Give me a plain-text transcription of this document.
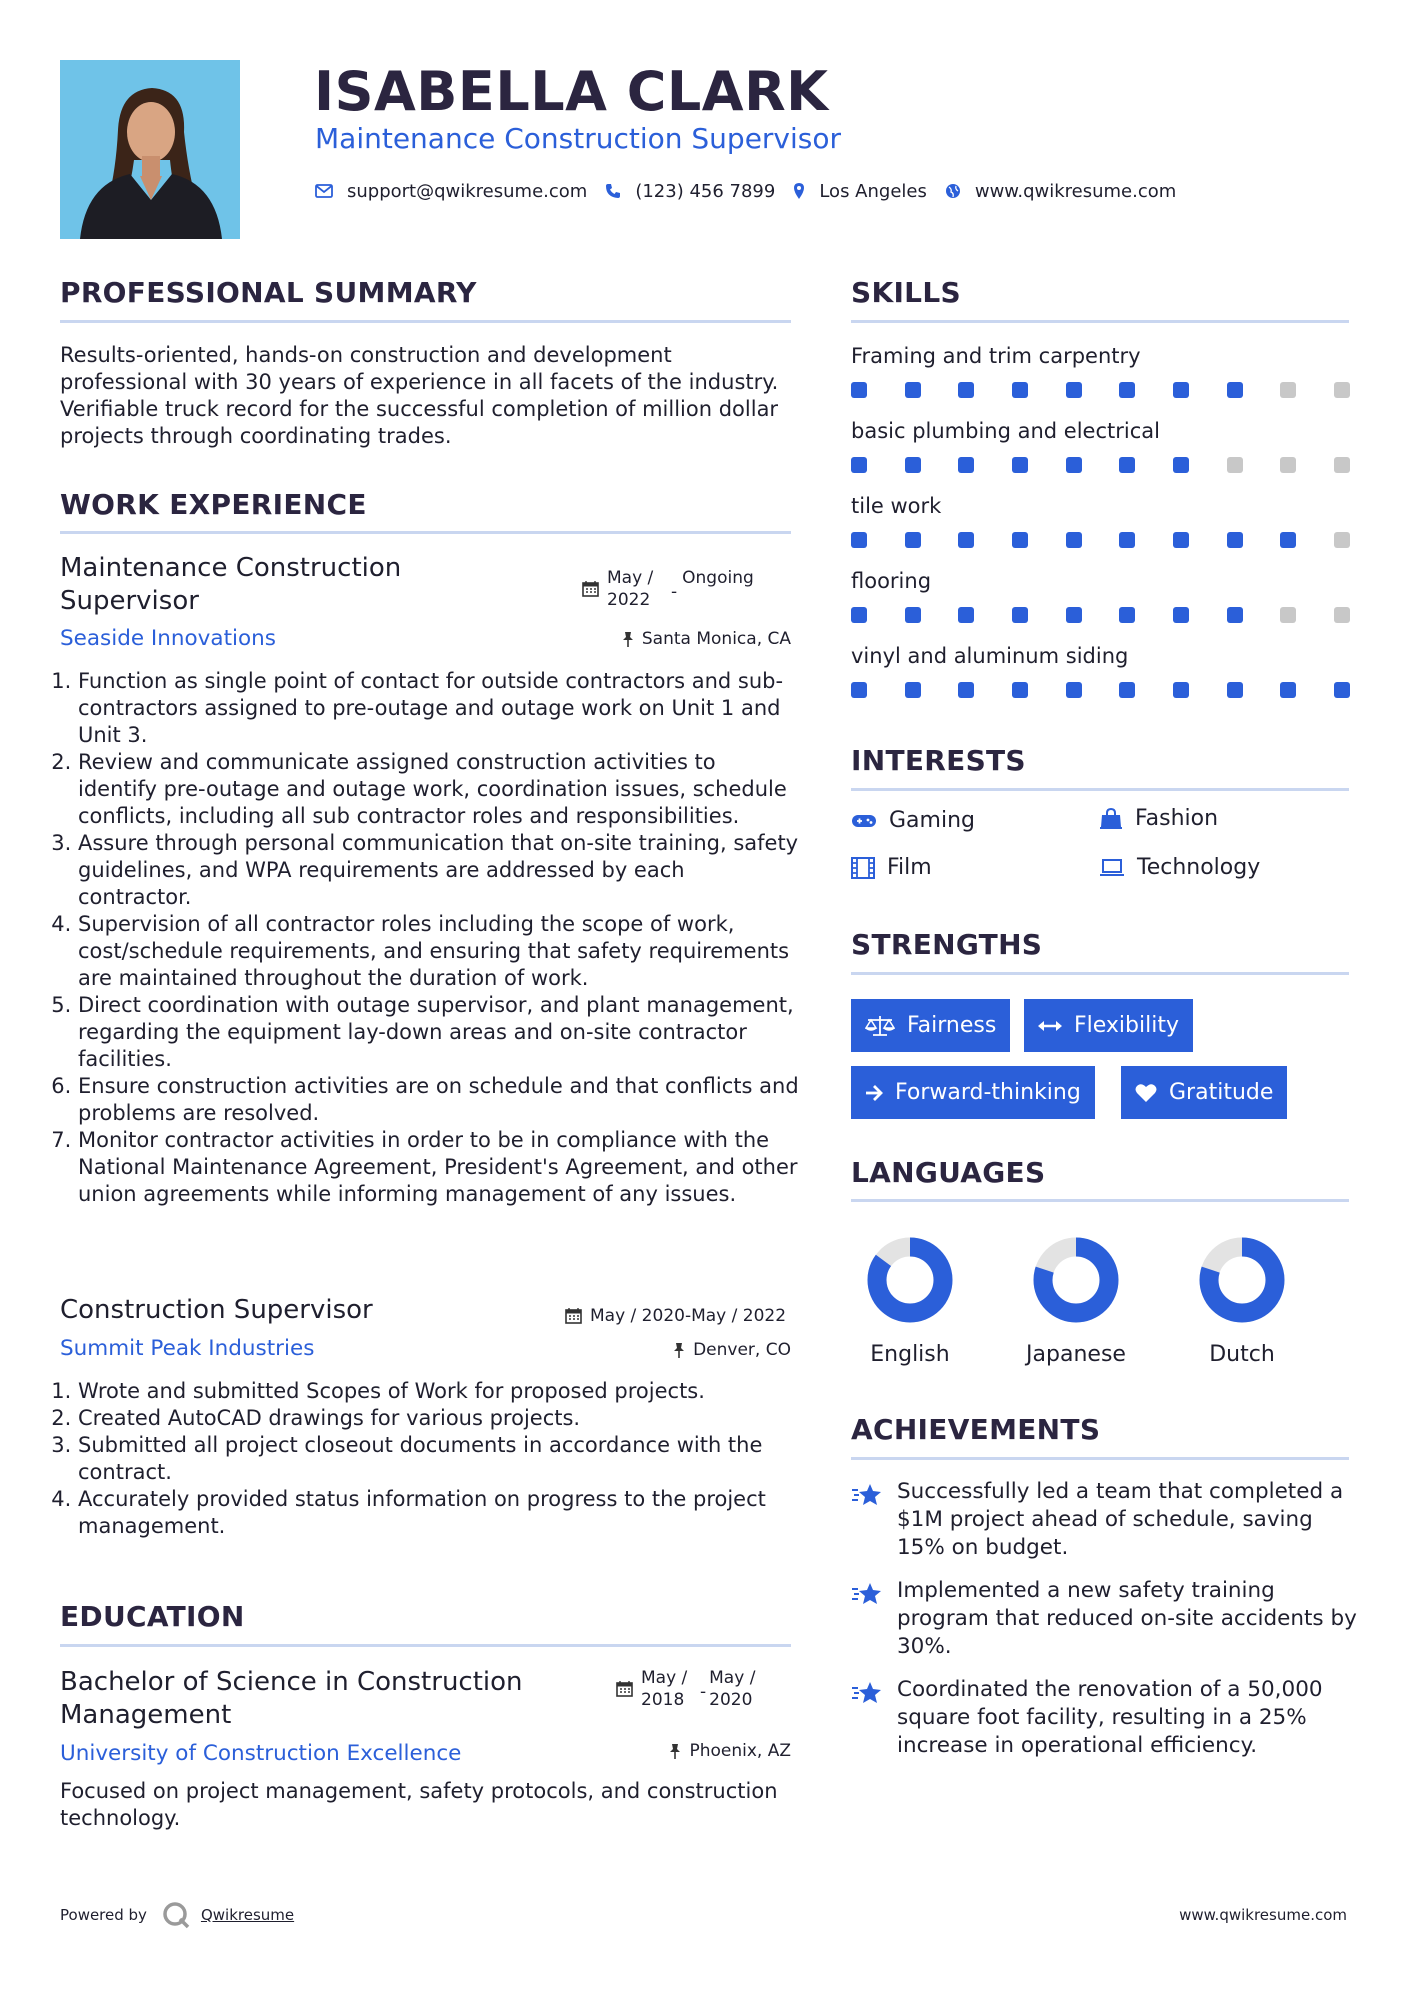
ISABELLA CLARK
Maintenance Construction Supervisor
support@qwikresume.com	(123) 456 7899 Los Angeles	www.qwikresume.com
PROFESSIONAL SUMMARY
Results-oriented, hands-on construction and development professional with 30 years of experience in all facets of the industry. Verifiable truck record for the successful completion of million dollar projects through coordinating trades.
WORK EXPERIENCE
Maintenance Construction Supervisor
May / 2022	-
Ongoing
Seaside Innovations	Santa Monica, CA
1. Function as single point of contact for outside contractors and sub-contractors assigned to pre-outage and outage work on Unit 1 and Unit 3.
2. Review and communicate assigned construction activities to identify pre-outage and outage work, coordination issues, schedule conflicts, including all sub contractor roles and responsibilities.
3. Assure through personal communication that on-site training, safety guidelines, and WPA requirements are addressed by each contractor.
4. Supervision of all contractor roles including the scope of work, cost/schedule requirements, and ensuring that safety requirements are maintained throughout the duration of work.
5. Direct coordination with outage supervisor, and plant management, regarding the equipment lay-down areas and on-site contractor facilities.
6. Ensure construction activities are on schedule and that conflicts and problems are resolved.
7. Monitor contractor activities in order to be in compliance with the National Maintenance Agreement, President's Agreement, and other union agreements while informing management of any issues.
Construction Supervisor	May / 2020-May / 2022
Summit Peak Industries	Denver, CO
1. Wrote and submitted Scopes of Work for proposed projects.
2. Created AutoCAD drawings for various projects.
3. Submitted all project closeout documents in accordance with the contract.
4. Accurately provided status information on progress to the project management.
EDUCATION
Bachelor of Science in Construction Management
May / 2018 -
May / 2020
University of Construction Excellence	Phoenix, AZ
Focused on project management, safety protocols, and construction technology.
SKILLS
Framing and trim carpentry
basic plumbing and electrical
tile work
flooring
vinyl and aluminum siding
INTERESTS
Gaming	Fashion
Film	Technology
STRENGTHS
Fairness	Flexibility
Forward-thinking	Gratitude
LANGUAGES
English	Japanese	Dutch
ACHIEVEMENTS
Successfully led a team that completed a $1M project ahead of schedule, saving 15% on budget.
Implemented a new safety training program that reduced on-site accidents by 30%.
Coordinated the renovation of a 50,000 square foot facility, resulting in a 25% increase in operational efficiency.
Powered by	Qwikresume	www.qwikresume.com
